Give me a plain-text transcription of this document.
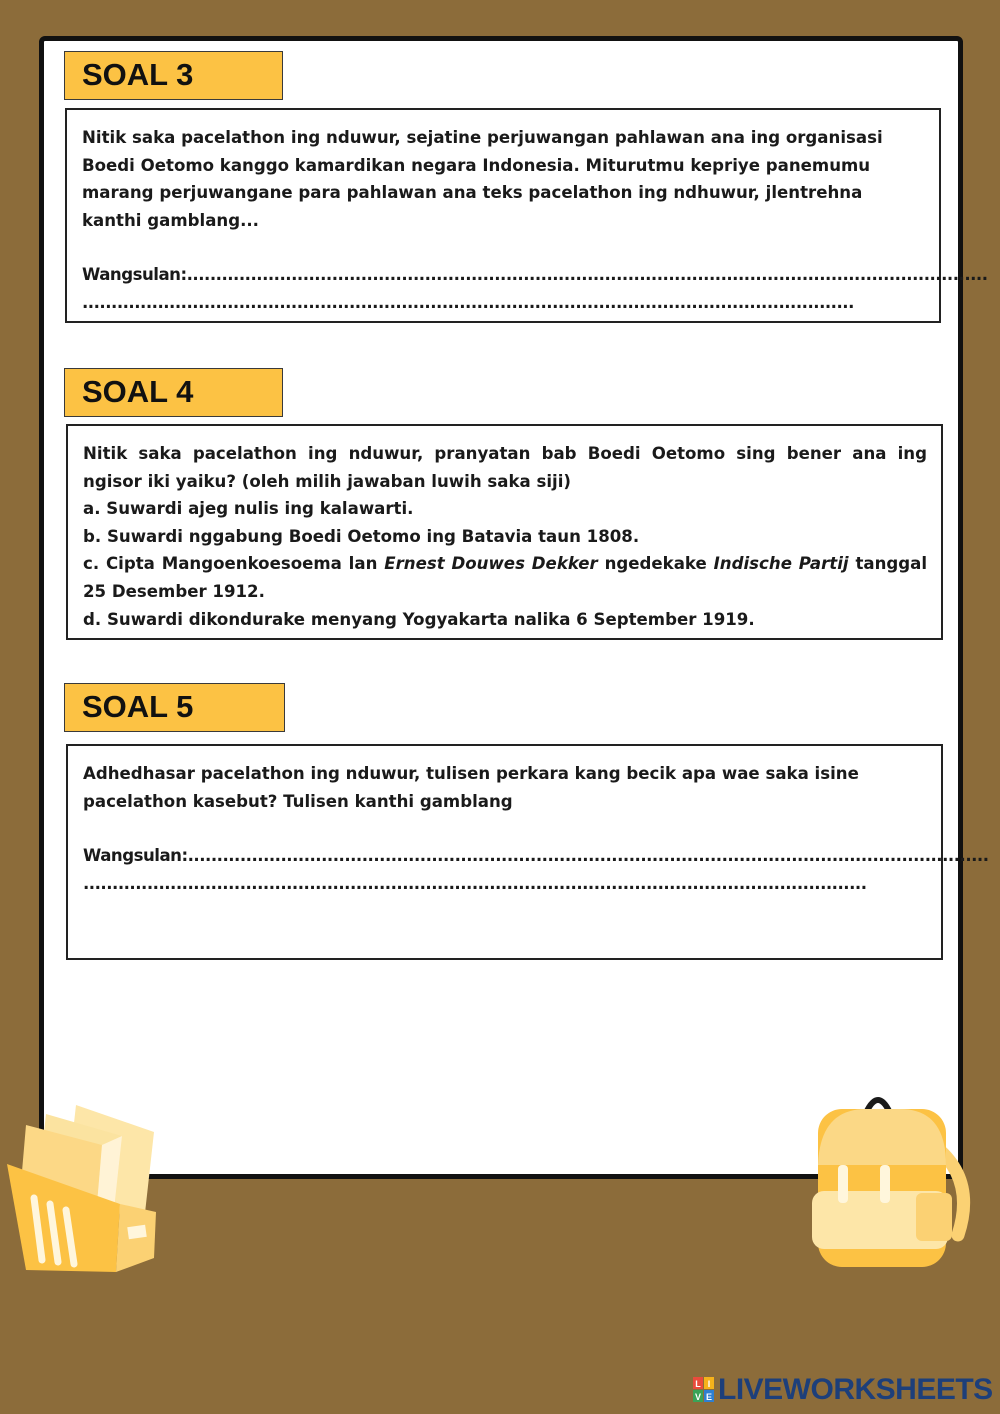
SOAL 3

Nitik saka pacelathon ing nduwur, sejatine perjuwangan pahlawan ana ing organisasi Boedi Oetomo kanggo kamardikan negara Indonesia. Miturutmu kepriye panemumu marang perjuwangane para pahlawan ana teks pacelathon ing ndhuwur, jlentrehna kanthi gamblang...

Wangsulan:..........................................................................................................................................
.....................................................................................................................................
SOAL 4

Nitik saka pacelathon ing nduwur, pranyatan bab Boedi Oetomo sing bener ana ing ngisor iki yaiku? (oleh milih jawaban luwih saka siji)

a. Suwardi ajeg nulis ing kalawarti.

b. Suwardi nggabung Boedi Oetomo ing Batavia taun 1808.

c. Cipta Mangoenkoesoema lan Ernest Douwes Dekker ngedekake Indische Partij tanggal 25 Desember 1912.

d. Suwardi dikondurake menyang Yogyakarta nalika 6 September 1919.

SOAL 5

Adhedhasar pacelathon ing nduwur, tulisen perkara kang becik apa wae saka isine pacelathon kasebut? Tulisen kanthi gamblang

Wangsulan:..........................................................................................................................................
.......................................................................................................................................
L I
V E LIVEWORKSHEETS
